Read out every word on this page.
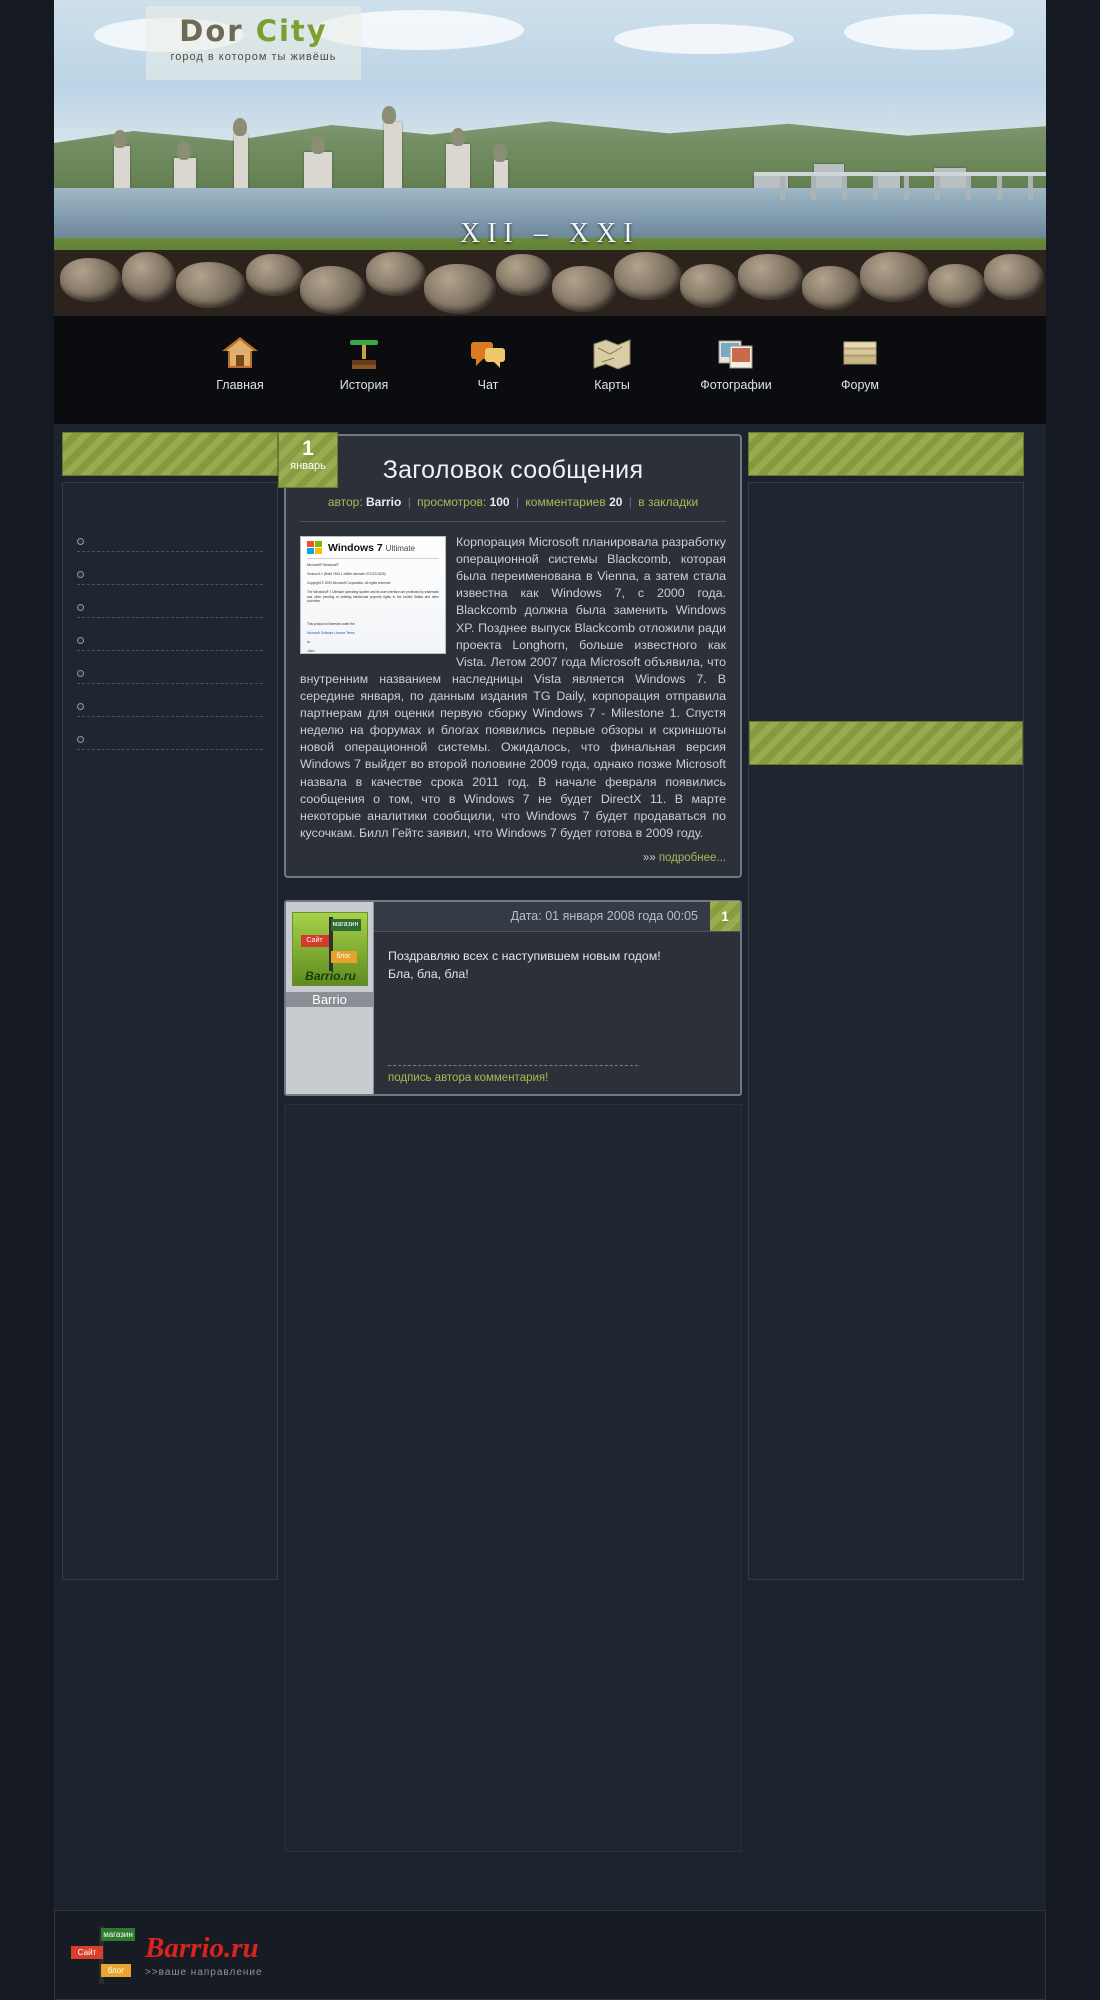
Dor City
город в котором ты живёшь
XII – XXI
Главная	История	Чат	Карты	Фотографии	Форум
1
январь	Заголовок сообщения
автор: Barrio | просмотров: 100 | комментариев 20 | в закладки
Windows 7 Ultimate
Microsoft® Windows®
Version 6.1 (Build 7600.1.x86fre.winmain.071220-1525)
Copyright © 2009 Microsoft Corporation. All rights reserved.
The Windows® 7 Ultimate operating system and its user interface are protected by trademark and other pending or existing intellectual property rights in the United States and other countries.
This product is licensed under the
Microsoft Software License Terms
to:
-Alex-
Корпорация Microsoft планировала разработку операционной системы Blackcomb, которая была переименована в Vienna, а затем стала известна как Windows 7, с 2000 года. Blackcomb должна была заменить Windows XP. Позднее выпуск Blackcomb отложили ради проекта Longhorn, больше известного как Vista. Летом 2007 года Microsoft объявила, что внутренним названием наследницы Vista является Windows 7. В середине января, по данным издания TG Daily, корпорация отправила партнерам для оценки первую сборку Windows 7 - Milestone 1. Спустя неделю на форумах и блогах появились первые обзоры и скриншоты новой операционной системы. Ожидалось, что финальная версия Windows 7 выйдет во второй половине 2009 года, однако позже Microsoft назвала в качестве срока 2011 год. В начале февраля появились сообщения о том, что в Windows 7 не будет DirectX 11. В марте некоторые аналитики сообщили, что Windows 7 будет продаваться по кусочкам. Билл Гейтс заявил, что Windows 7 будет готова в 2009 году.
»» подробнее...
магазин
Сайт
блог
Barrio.ru
Barrio
Дата: 01 января 2008 года 00:05	1
Поздравляю всех с наступившем новым годом!
Бла, бла, бла!
подпись автора комментария!
магазин
Сайт
блог
Barrio.ru
>>ваше направление
